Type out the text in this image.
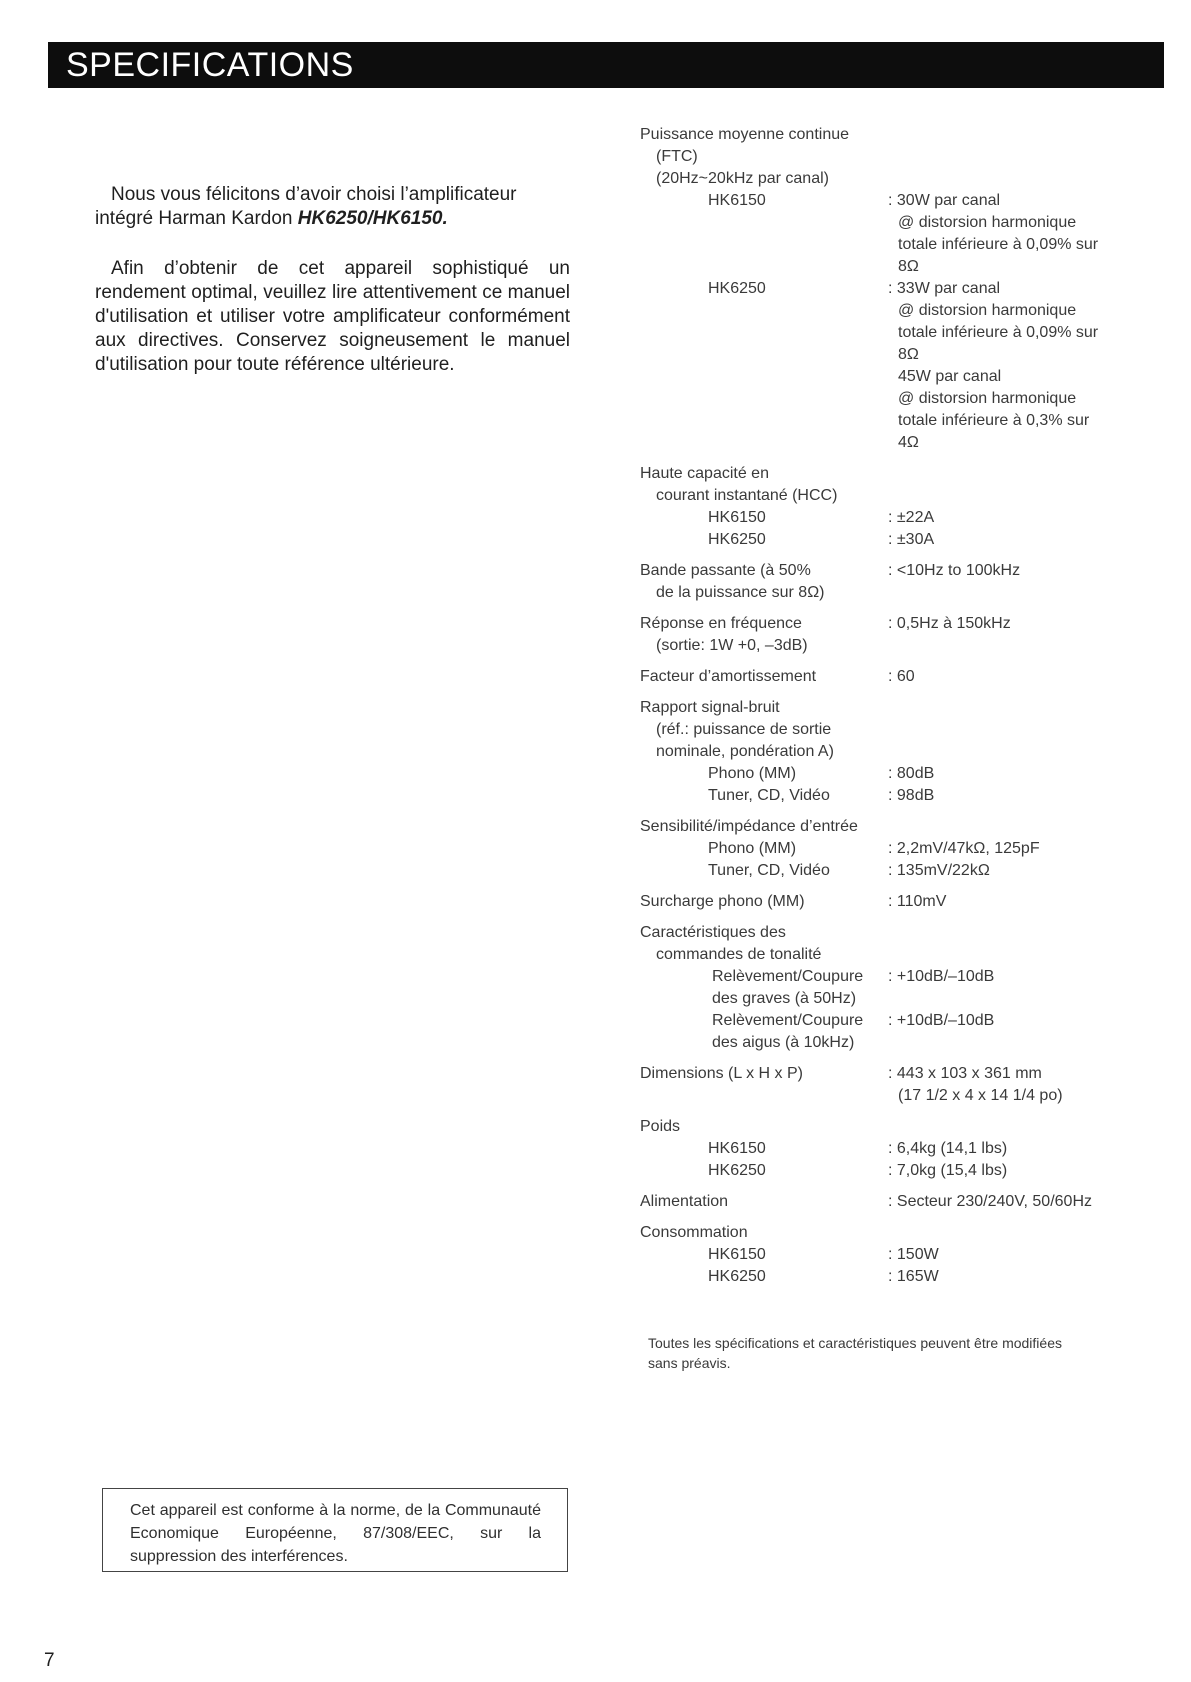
SPECIFICATIONS

Nous vous félicitons d’avoir choisi l’amplificateur intégré Harman Kardon HK6250/HK6150.

Afin d’obtenir de cet appareil sophistiqué un rendement optimal, veuillez lire attentivement ce manuel d'utilisation et utiliser votre amplificateur conformément aux directives. Conservez soigneusement le manuel d'utilisation pour toute référence ultérieure.

Puissance moyenne continue
(FTC)
(20Hz~20kHz par canal)
HK6150	: 30W par canal
@ distorsion harmonique
totale inférieure à 0,09% sur
8Ω
HK6250	: 33W par canal
@ distorsion harmonique
totale inférieure à 0,09% sur
8Ω
45W par canal
@ distorsion harmonique
totale inférieure à 0,3% sur
4Ω
Haute capacité en
courant instantané (HCC)
HK6150	: ±22A
HK6250	: ±30A
Bande passante (à 50%	: <10Hz to 100kHz
de la puissance sur 8Ω)
Réponse en fréquence	: 0,5Hz à 150kHz
(sortie: 1W +0, –3dB)
Facteur d’amortissement	: 60
Rapport signal-bruit
(réf.: puissance de sortie
nominale, pondération A)
Phono (MM)	: 80dB
Tuner, CD, Vidéo	: 98dB
Sensibilité/impédance d’entrée
Phono (MM)	: 2,2mV/47kΩ, 125pF
Tuner, CD, Vidéo	: 135mV/22kΩ
Surcharge phono (MM)	: 110mV
Caractéristiques des
commandes de tonalité
Relèvement/Coupure : +10dB/–10dB
des graves (à 50Hz)
Relèvement/Coupure : +10dB/–10dB
des aigus (à 10kHz)
Dimensions (L x H x P)	: 443 x 103 x 361 mm
(17 1/2 x 4 x 14 1/4 po)
Poids
HK6150	: 6,4kg (14,1 lbs)
HK6250	: 7,0kg (15,4 lbs)
Alimentation	: Secteur 230/240V, 50/60Hz
Consommation
HK6150	: 150W
HK6250	: 165W

Toutes les spécifications et caractéristiques peuvent être modifiées

sans préavis.

Cet appareil est conforme à la norme, de la Communauté Economique Européenne, 87/308/EEC, sur la suppression des interférences.

7
